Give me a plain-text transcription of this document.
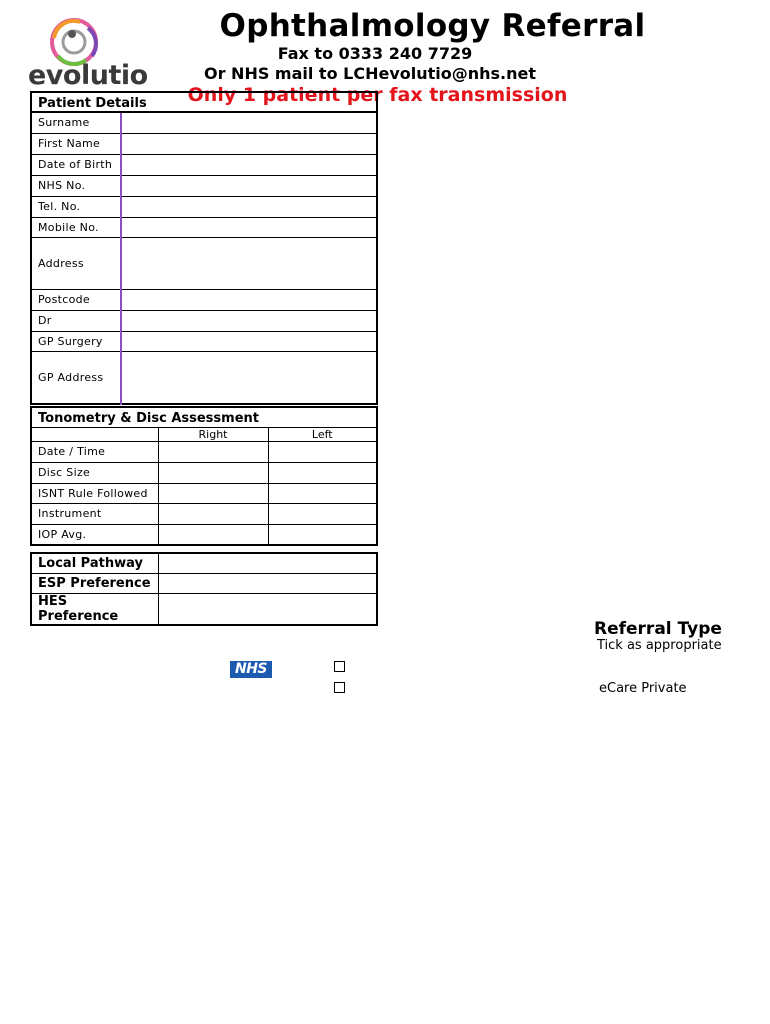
evolutio
Ophthalmology Referral
Fax to 0333 240 7729
Or NHS mail to LCHevolutio@nhs.net
Only 1 patient per fax transmission
Patient Details	
Surname	
First Name	
Date of Birth	
NHS No.	
Tel. No.	
Mobile No.	
Address	
Postcode	
Dr	
GP Surgery	
GP Address	
Tonometry & Disc Assessment		
	Right	Left
Date / Time		
Disc Size		
ISNT Rule Followed		
Instrument		
IOP Avg.		
Local Pathway	
ESP Preference	
HES Preference	
Referral Type
Tick as appropriate
NHS
eCare Private
